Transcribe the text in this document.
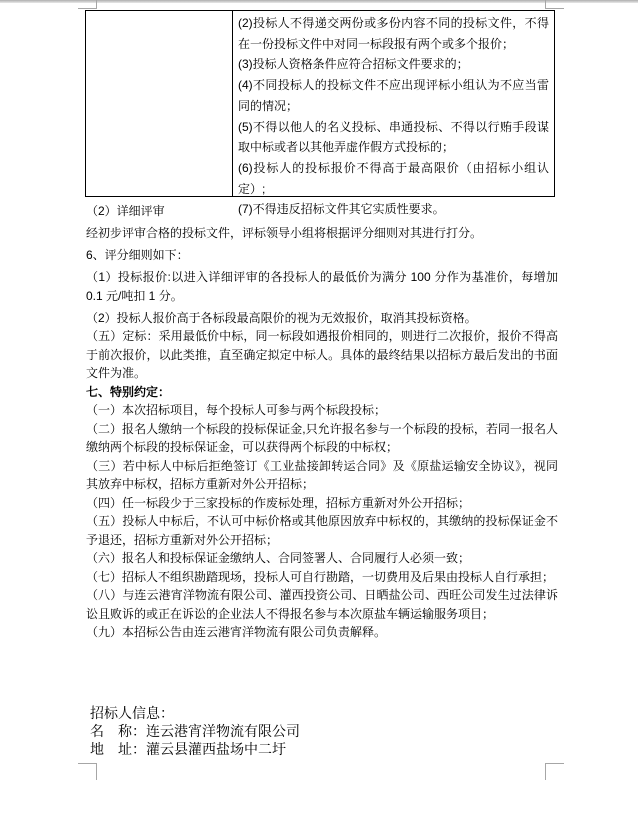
(2)投标人不得递交两份或多份内容不同的投标文件，不得在一份投标文件中对同一标段报有两个或多个报价；
(3)投标人资格条件应符合招标文件要求的；
(4)不同投标人的投标文件不应出现评标小组认为不应当雷同的情况；
(5)不得以他人的名义投标、串通投标、不得以行贿手段谋取中标或者以其他弄虚作假方式投标的；
(6)投标人的投标报价不得高于最高限价（由招标小组认定）;
(7)不得违反招标文件其它实质性要求。

（2）详细评审

经初步评审合格的投标文件，评标领导小组将根据评分细则对其进行打分。

6、评分细则如下：

（1）投标报价:以进入详细评审的各投标人的最低价为满分 100 分作为基准价，每增加 0.1 元/吨扣 1 分。

（2）投标人报价高于各标段最高限价的视为无效报价，取消其投标资格。

（五）定标：采用最低价中标，同一标段如遇报价相同的，则进行二次报价，报价不得高于前次报价，以此类推，直至确定拟定中标人。具体的最终结果以招标方最后发出的书面文件为准。

七、特别约定：

（一）本次招标项目，每个投标人可参与两个标段投标；

（二）报名人缴纳一个标段的投标保证金,只允许报名参与一个标段的投标，若同一报名人缴纳两个标段的投标保证金，可以获得两个标段的中标权；

（三）若中标人中标后拒绝签订《工业盐接卸转运合同》及《原盐运输安全协议》，视同其放弃中标权，招标方重新对外公开招标；

（四）任一标段少于三家投标的作废标处理，招标方重新对外公开招标；

（五）投标人中标后，不认可中标价格或其他原因放弃中标权的，其缴纳的投标保证金不予退还，招标方重新对外公开招标；

（六）报名人和投标保证金缴纳人、合同签署人、合同履行人必须一致；

（七）招标人不组织勘踏现场，投标人可自行勘踏，一切费用及后果由投标人自行承担；

（八）与连云港宵洋物流有限公司、灌西投资公司、日晒盐公司、西旺公司发生过法律诉讼且败诉的或正在诉讼的企业法人不得报名参与本次原盐车辆运输服务项目；

（九）本招标公告由连云港宵洋物流有限公司负责解释。

招标人信息：
名　称：连云港宵洋物流有限公司
地　址：灌云县灌西盐场中二圩
